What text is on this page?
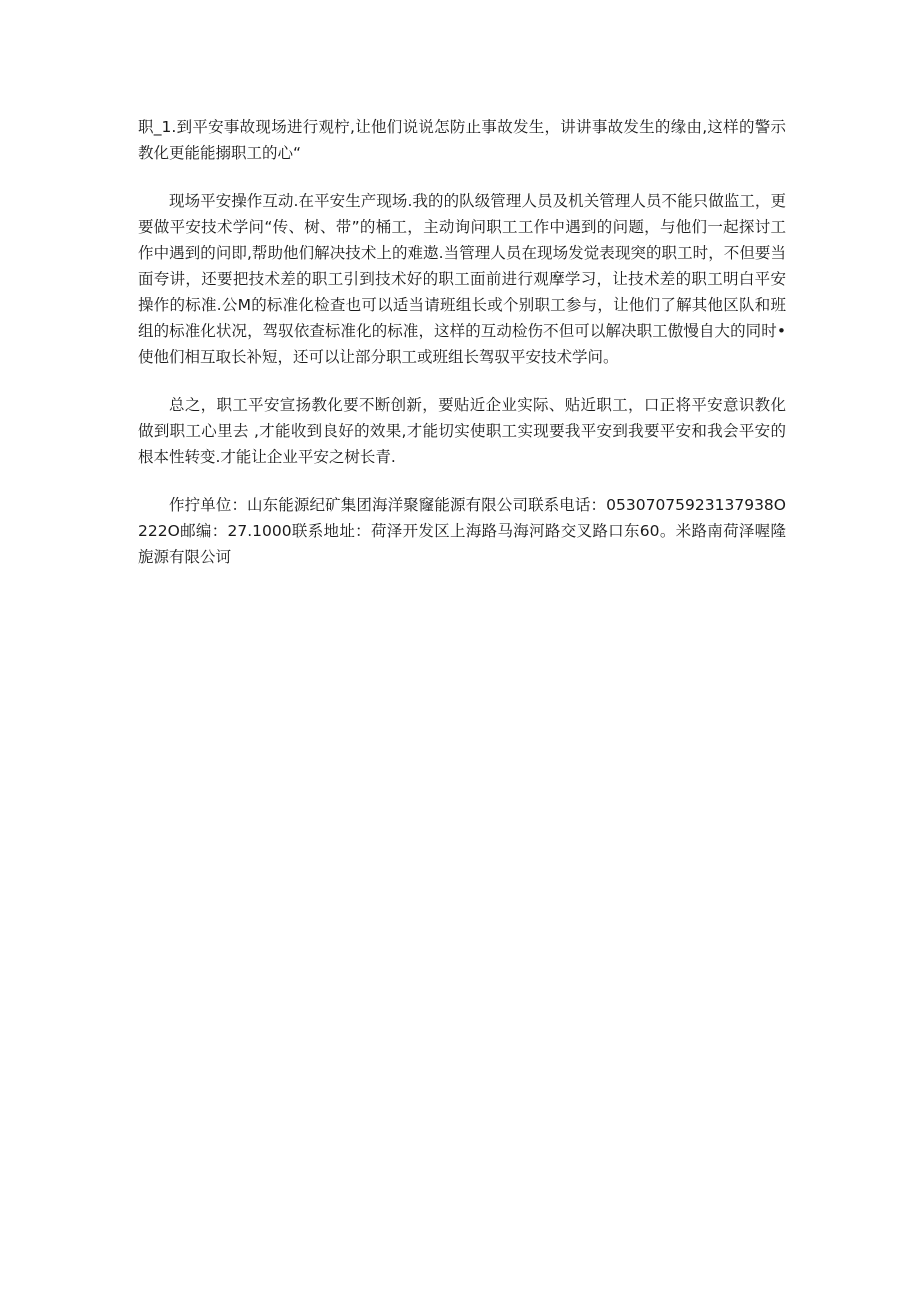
职_1.到平安事故现场进行观柠,让他们说说怎防止事故发生，讲讲事故发生的缘由,这样的警示教化更能能搦职工的心“

现场平安操作互动.在平安生产现场.我的的队级管理人员及机关管理人员不能只做监工，更要做平安技术学问“传、树、带”的桶工，主动询问职工工作中遇到的问题，与他们一起探讨工作中遇到的问即,帮助他们解决技术上的难遨.当管理人员在现场发觉表现突的职工时，不但要当面夸讲，还要把技术差的职工引到技术好的职工面前进行观摩学习，让技术差的职工明白平安操作的标准.公M的标准化检查也可以适当请班组长或个别职工参与，让他们了解其他区队和班组的标准化状况，驾驭依查标准化的标准，这样的互动检伤不但可以解决职工傲慢自大的同时•使他们相互取长补短，还可以让部分职工或班组长驾驭平安技术学问。

总之，职工平安宣扬教化要不断创新，要贴近企业实际、贴近职工，口正将平安意识教化做到职工心里去 ,才能收到良好的效果,才能切实使职工实现要我平安到我要平安和我会平安的根本性转变.才能让企业平安之树长青.

作拧单位：山东能源纪矿集团海洋聚窿能源有限公司联系电话：05307075923137938O222O邮编：27.1000联系地址：荷泽开发区上海路马海河路交叉路口东60。米路南荷泽喔隆旎源有限公诃
